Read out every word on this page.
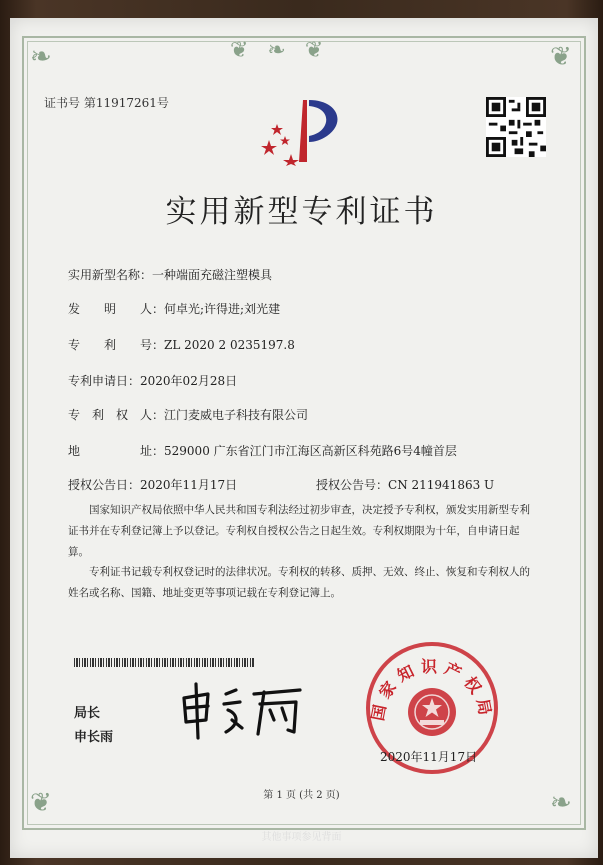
❦ ❧ ❦
❧	❦
❦	❧
证书号 第11917261号
实用新型专利证书
实用新型名称：一种端面充磁注塑模具
发　　明　　人：何卓光;许得进;刘光建
专　　利　　号：ZL 2020 2 0235197.8
专利申请日：2020年02月28日
专　利　权　人：江门麦威电子科技有限公司
地　　　　　址：529000 广东省江门市江海区高新区科苑路6号4幢首层
授权公告日：2020年11月17日	授权公告号：CN 211941863 U
国家知识产权局依照中华人民共和国专利法经过初步审查，决定授予专利权，颁发实用新型专利证书并在专利登记簿上予以登记。专利权自授权公告之日起生效。专利权期限为十年，自申请日起算。
专利证书记载专利权登记时的法律状况。专利权的转移、质押、无效、终止、恢复和专利权人的姓名或名称、国籍、地址变更等事项记载在专利登记簿上。
局长
申长雨
国家知识产权局
2020年11月17日
第 1 页 (共 2 页)
其他事项参见背面
